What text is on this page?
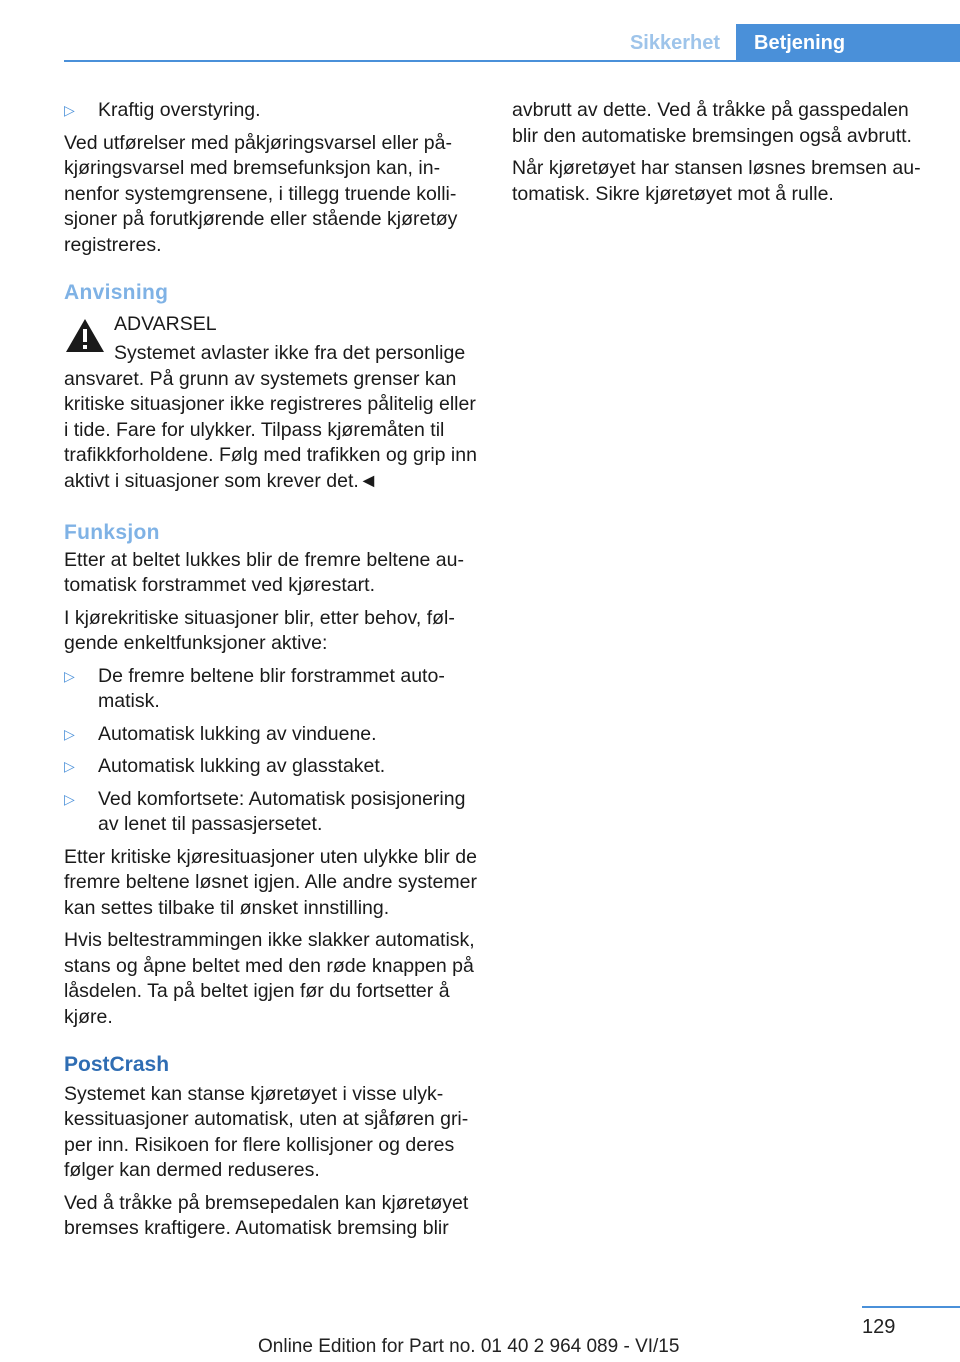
Sikkerhet	Betjening
▷ Kraftig overstyring.

Ved utførelser med påkjøringsvarsel eller påkjøringsvarsel med bremsefunksjon kan, innenfor systemgrensene, i tillegg truende kollisjoner på forutkjørende eller stående kjøretøy registreres.

Anvisning
ADVARSEL

Systemet avlaster ikke fra det personlige ansvaret. På grunn av systemets grenser kan kritiske situasjoner ikke registreres pålitelig eller i tide. Fare for ulykker. Tilpass kjøremåten til trafikkforholdene. Følg med trafikken og grip inn aktivt i situasjoner som krever det.◄

Funksjon

Etter at beltet lukkes blir de fremre beltene automatisk forstrammet ved kjørestart.

I kjørekritiske situasjoner blir, etter behov, følgende enkeltfunksjoner aktive:

▷ De fremre beltene blir forstrammet automatisk.
▷ Automatisk lukking av vinduene.
▷ Automatisk lukking av glasstaket.
▷ Ved komfortsete: Automatisk posisjonering av lenet til passasjersetet.

Etter kritiske kjøresituasjoner uten ulykke blir de fremre beltene løsnet igjen. Alle andre systemer kan settes tilbake til ønsket innstilling.

Hvis beltestrammingen ikke slakker automatisk, stans og åpne beltet med den røde knappen på låsdelen. Ta på beltet igjen før du fortsetter å kjøre.

PostCrash

Systemet kan stanse kjøretøyet i visse ulykkessituasjoner automatisk, uten at sjåføren griper inn. Risikoen for flere kollisjoner og deres følger kan dermed reduseres.

Ved å tråkke på bremsepedalen kan kjøretøyet bremses kraftigere. Automatisk bremsing blir

avbrutt av dette. Ved å tråkke på gasspedalen blir den automatiske bremsingen også avbrutt.

Når kjøretøyet har stansen løsnes bremsen automatisk. Sikre kjøretøyet mot å rulle.

129
Online Edition for Part no. 01 40 2 964 089 - VI/15
